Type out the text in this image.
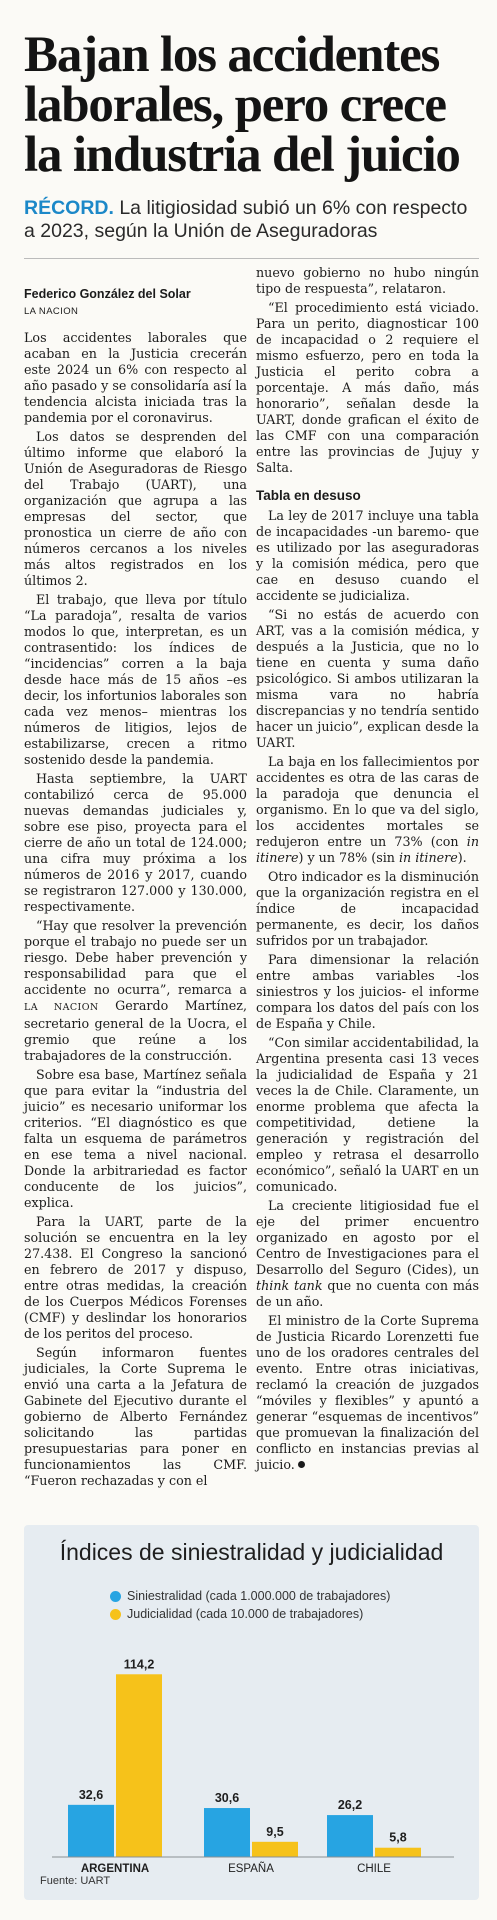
Bajan los accidentes laborales, pero crece la industria del juicio
RÉCORD. La litigiosidad subió un 6% con respecto a 2023, según la Unión de Aseguradoras
Federico González del Solar
LA NACION

Los accidentes laborales que acaban en la Justicia crecerán este 2024 un 6% con respecto al año pasado y se consolidaría así la tendencia alcista iniciada tras la pandemia por el coronavirus.

Los datos se desprenden del último informe que elaboró la Unión de Aseguradoras de Riesgo del Trabajo (UART), una organización que agrupa a las empresas del sector, que pronostica un cierre de año con números cercanos a los niveles más altos registrados en los últimos 2.

El trabajo, que lleva por título “La paradoja”, resalta de varios modos lo que, interpretan, es un contrasentido: los índices de “incidencias” corren a la baja desde hace más de 15 años –es decir, los infortunios laborales son cada vez menos– mientras los números de litigios, lejos de estabilizarse, crecen a ritmo sostenido desde la pandemia.

Hasta septiembre, la UART contabilizó cerca de 95.000 nuevas demandas judiciales y, sobre ese piso, proyecta para el cierre de año un total de 124.000; una cifra muy próxima a los números de 2016 y 2017, cuando se registraron 127.000 y 130.000, respectivamente.

“Hay que resolver la prevención porque el trabajo no puede ser un riesgo. Debe haber prevención y responsabilidad para que el accidente no ocurra”, remarca a LA NACION Gerardo Martínez, secretario general de la Uocra, el gremio que reúne a los trabajadores de la construcción.

Sobre esa base, Martínez señala que para evitar la “industria del juicio” es necesario uniformar los criterios. “El diagnóstico es que falta un esquema de parámetros en ese tema a nivel nacional. Donde la arbitrariedad es factor conducente de los juicios”, explica.

Para la UART, parte de la solución se encuentra en la ley 27.438. El Congreso la sancionó en febrero de 2017 y dispuso, entre otras medidas, la creación de los Cuerpos Médicos Forenses (CMF) y deslindar los honorarios de los peritos del proceso.

Según informaron fuentes judiciales, la Corte Suprema le envió una carta a la Jefatura de Gabinete del Ejecutivo durante el gobierno de Alberto Fernández solicitando las partidas presupuestarias para poner en funcionamientos las CMF. “Fueron rechazadas y con el

nuevo gobierno no hubo ningún tipo de respuesta”, relataron.

“El procedimiento está viciado. Para un perito, diagnosticar 100 de incapacidad o 2 requiere el mismo esfuerzo, pero en toda la Justicia el perito cobra a porcentaje. A más daño, más honorario”, señalan desde la UART, donde grafican el éxito de las CMF con una comparación entre las provincias de Jujuy y Salta.

Tabla en desuso

La ley de 2017 incluye una tabla de incapacidades -un baremo- que es utilizado por las aseguradoras y la comisión médica, pero que cae en desuso cuando el accidente se judicializa.

“Si no estás de acuerdo con ART, vas a la comisión médica, y después a la Justicia, que no lo tiene en cuenta y suma daño psicológico. Si ambos utilizaran la misma vara no habría discrepancias y no tendría sentido hacer un juicio”, explican desde la UART.

La baja en los fallecimientos por accidentes es otra de las caras de la paradoja que denuncia el organismo. En lo que va del siglo, los accidentes mortales se redujeron entre un 73% (con in itinere) y un 78% (sin in itinere).

Otro indicador es la disminución que la organización registra en el índice de incapacidad permanente, es decir, los daños sufridos por un trabajador.

Para dimensionar la relación entre ambas variables -los siniestros y los juicios- el informe compara los datos del país con los de España y Chile.

“Con similar accidentabilidad, la Argentina presenta casi 13 veces la judicialidad de España y 21 veces la de Chile. Claramente, un enorme problema que afecta la competitividad, detiene la generación y registración del empleo y retrasa el desarrollo económico”, señaló la UART en un comunicado.

La creciente litigiosidad fue el eje del primer encuentro organizado en agosto por el Centro de Investigaciones para el Desarrollo del Seguro (Cides), un think tank que no cuenta con más de un año.

El ministro de la Corte Suprema de Justicia Ricardo Lorenzetti fue uno de los oradores centrales del evento. Entre otras iniciativas, reclamó la creación de juzgados “móviles y flexibles” y apuntó a generar “esquemas de incentivos” que promuevan la finalización del conflicto en instancias previas al juicio.

Índices de siniestralidad y judicialidad
Siniestralidad (cada 1.000.000 de trabajadores)
Judicialidad (cada 10.000 de trabajadores)
32,6
114,2
ARGENTINA
30,6
9,5
ESPAÑA
26,2
5,8
CHILE
Fuente: UART
